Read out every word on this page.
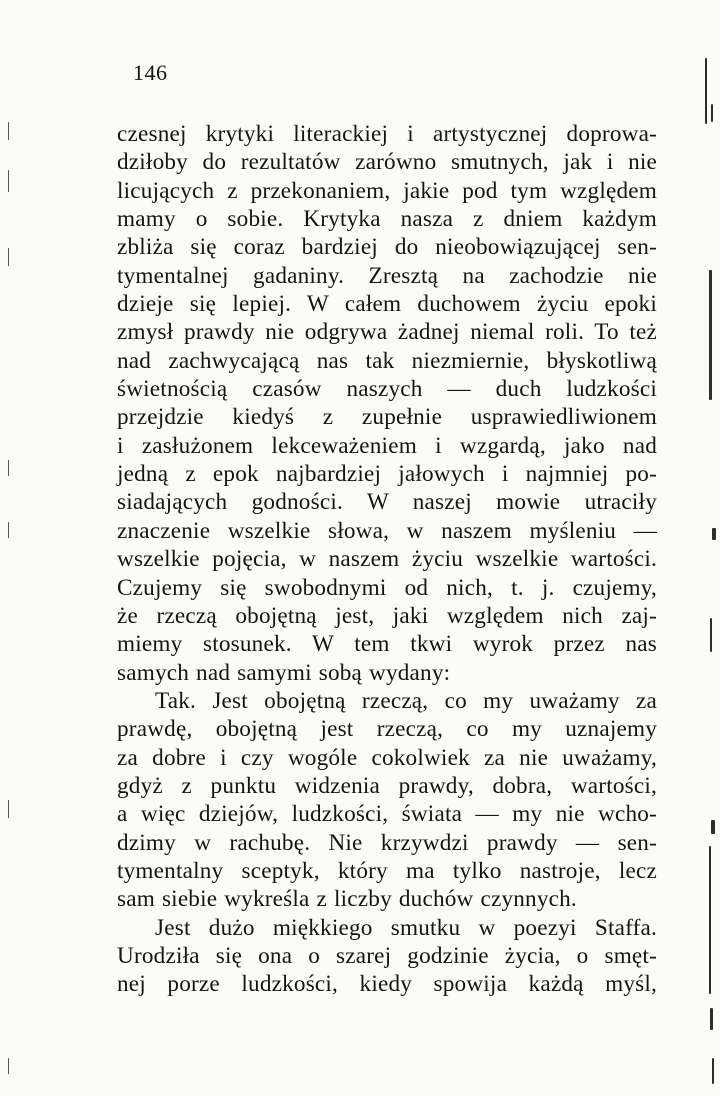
146
czesnej krytyki literackiej i artystycznej doprowa-
dziłoby do rezultatów zarówno smutnych, jak i nie
licujących z przekonaniem, jakie pod tym względem
mamy o sobie. Krytyka nasza z dniem każdym
zbliża się coraz bardziej do nieobowiązującej sen-
tymentalnej gadaniny. Zresztą na zachodzie nie
dzieje się lepiej. W całem duchowem życiu epoki
zmysł prawdy nie odgrywa żadnej niemal roli. To też
nad zachwycającą nas tak niezmiernie, błyskotliwą
świetnością czasów naszych — duch ludzkości
przejdzie kiedyś z zupełnie usprawiedliwionem
i zasłużonem lekceważeniem i wzgardą, jako nad
jedną z epok najbardziej jałowych i najmniej po-
siadających godności. W naszej mowie utraciły
znaczenie wszelkie słowa, w naszem myśleniu —
wszelkie pojęcia, w naszem życiu wszelkie wartości.
Czujemy się swobodnymi od nich, t. j. czujemy,
że rzeczą obojętną jest, jaki względem nich zaj-
miemy stosunek. W tem tkwi wyrok przez nas
samych nad samymi sobą wydany:
Tak. Jest obojętną rzeczą, co my uważamy za
prawdę, obojętną jest rzeczą, co my uznajemy
za dobre i czy wogóle cokolwiek za nie uważamy,
gdyż z punktu widzenia prawdy, dobra, wartości,
a więc dziejów, ludzkości, świata — my nie wcho-
dzimy w rachubę. Nie krzywdzi prawdy — sen-
tymentalny sceptyk, który ma tylko nastroje, lecz
sam siebie wykreśla z liczby duchów czynnych.
Jest dużo miękkiego smutku w poezyi Staffa.
Urodziła się ona o szarej godzinie życia, o smęt-
nej porze ludzkości, kiedy spowija każdą myśl,
